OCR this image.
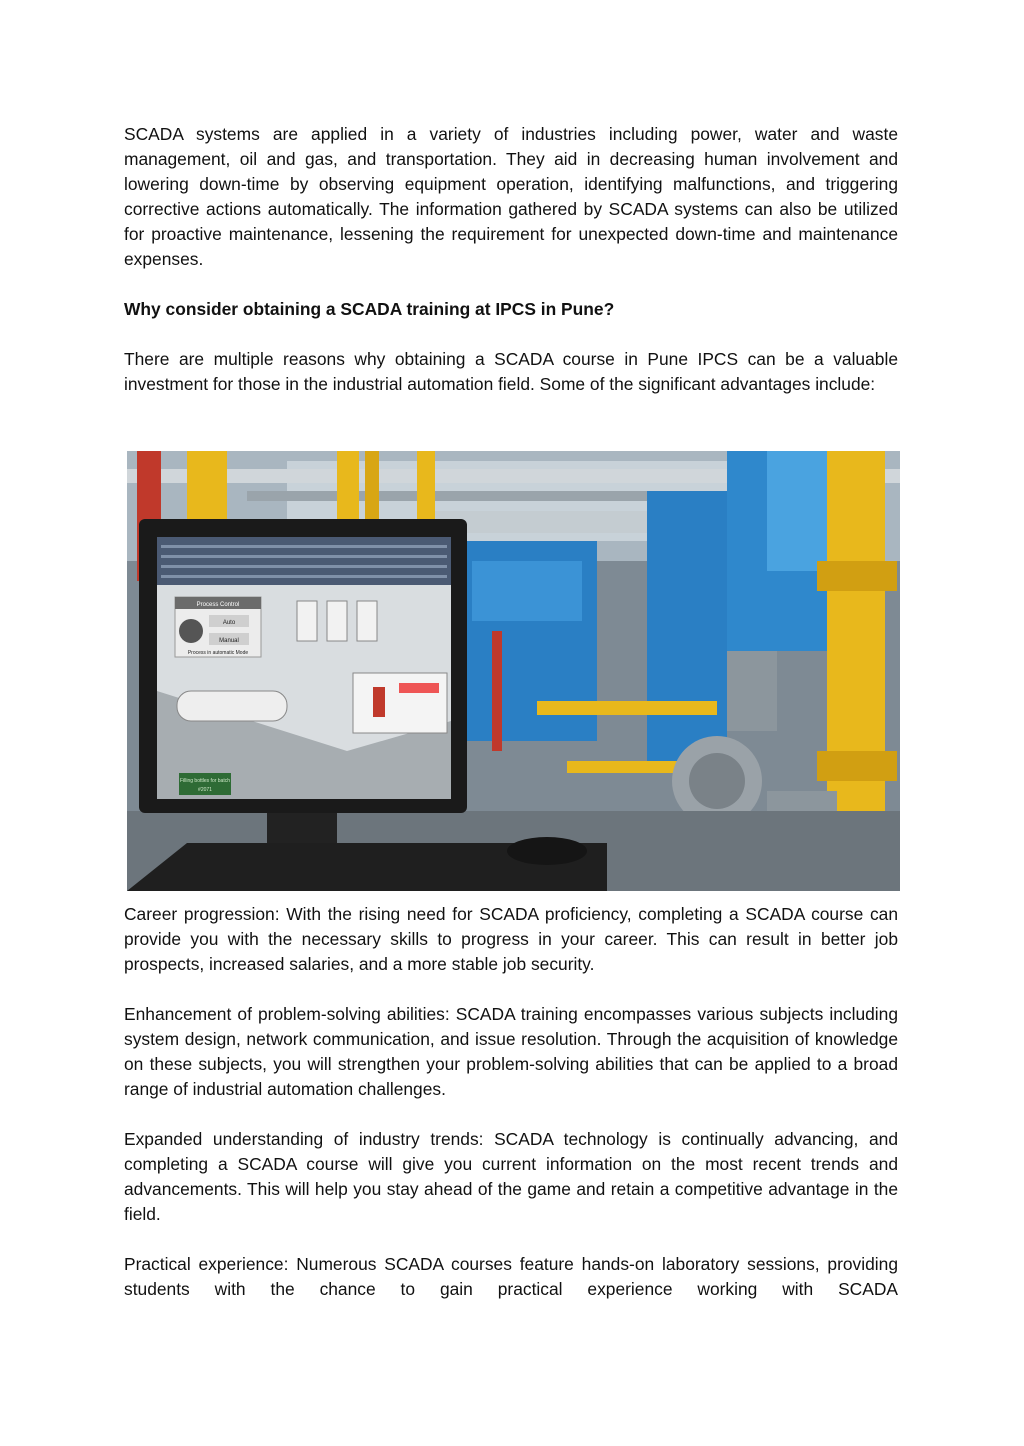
SCADA systems are applied in a variety of industries including power, water and waste management, oil and gas, and transportation. They aid in decreasing human involvement and lowering down-time by observing equipment operation, identifying malfunctions, and triggering corrective actions automatically. The information gathered by SCADA systems can also be utilized for proactive maintenance, lessening the requirement for unexpected down-time and maintenance expenses.

Why consider obtaining a SCADA training at IPCS in Pune?

There are multiple reasons why obtaining a SCADA course in Pune IPCS can be a valuable investment for those in the industrial automation field. Some of the significant advantages include:

Career progression: With the rising need for SCADA proficiency, completing a SCADA course can provide you with the necessary skills to progress in your career. This can result in better job prospects, increased salaries, and a more stable job security.

Enhancement of problem-solving abilities: SCADA training encompasses various subjects including system design, network communication, and issue resolution. Through the acquisition of knowledge on these subjects, you will strengthen your problem-solving abilities that can be applied to a broad range of industrial automation challenges.

Expanded understanding of industry trends: SCADA technology is continually advancing, and completing a SCADA course will give you current information on the most recent trends and advancements. This will help you stay ahead of the game and retain a competitive advantage in the field.

Practical experience: Numerous SCADA courses feature hands-on laboratory sessions, providing students with the chance to gain practical experience working with SCADA

Process Control
Auto
Manual
Process in automatic Mode
Filling bottles for batch
#2071
